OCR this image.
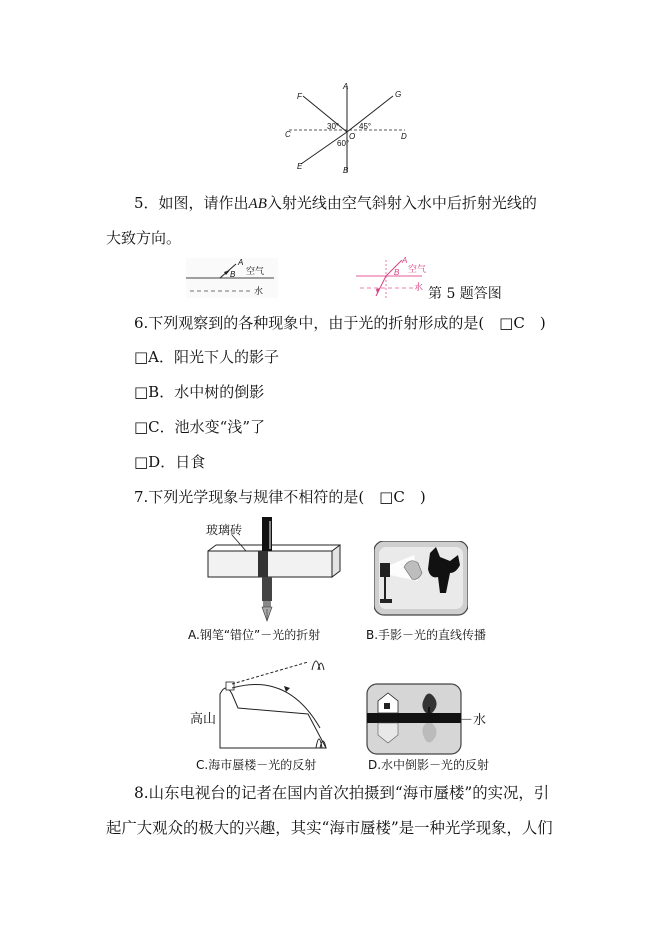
A
B
C	D
E
F	G
O
30° 45°
60°
5．如图，请作出AB入射光线由空气斜射入水中后折射光线的
大致方向。
A
B 空气
水
A
B 空气
水 第 5 题答图
6.下列观察到的各种现象中，由于光的折射形成的是(　□C　)
□A．阳光下人的影子
□B．水中树的倒影
□C．池水变“浅”了
□D．日食
7.下列光学现象与规律不相符的是(　□C　)
玻璃砖
A.钢笔“错位”－光的折射	B.手影－光的直线传播
高山
C.海市蜃楼－光的反射
－水
D.水中倒影－光的反射
8.山东电视台的记者在国内首次拍摄到“海市蜃楼”的实况，引
起广大观众的极大的兴趣，其实“海市蜃楼”是一种光学现象，人们
